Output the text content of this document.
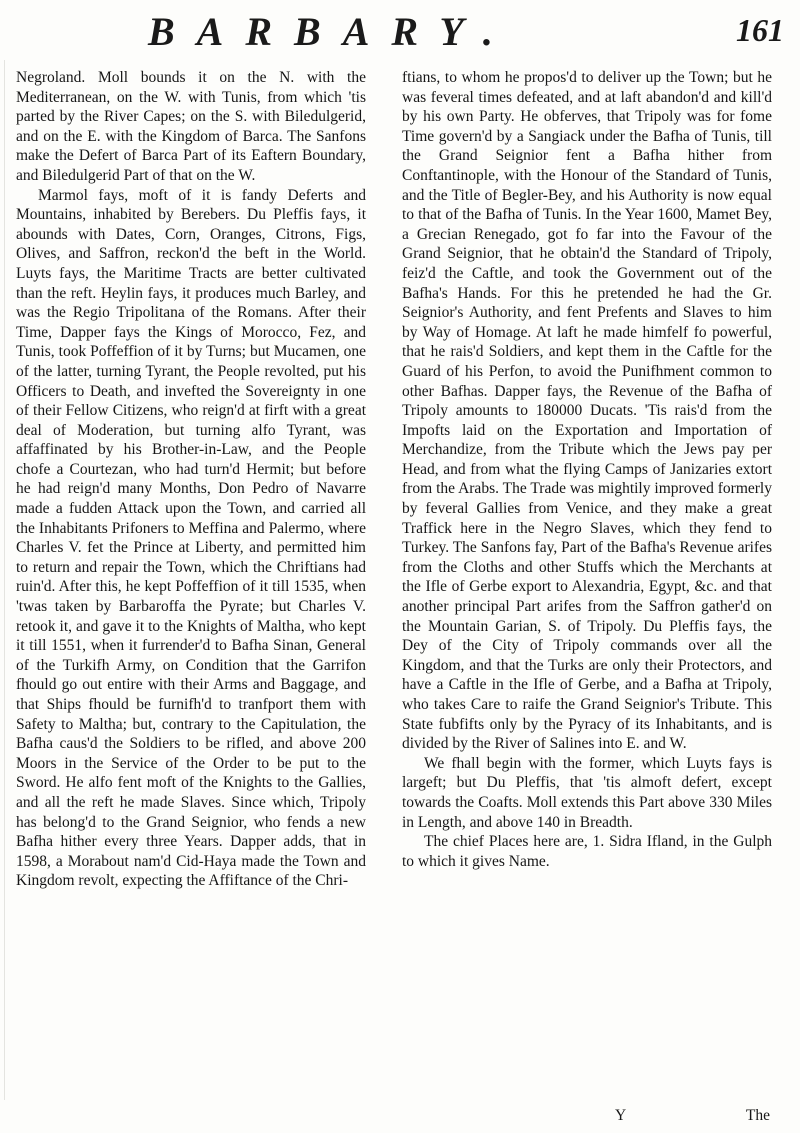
BARBARY.	161

Negroland. Moll bounds it on the N. with the Mediterranean, on the W. with Tunis, from which 'tis parted by the River Capes; on the S. with Biledulgerid, and on the E. with the Kingdom of Barca. The Sanfons make the Defert of Barca Part of its Eaftern Boundary, and Biledulgerid Part of that on the W.

Marmol fays, moft of it is fandy Deferts and Mountains, inhabited by Berebers. Du Pleffis fays, it abounds with Dates, Corn, Oranges, Citrons, Figs, Olives, and Saffron, reckon'd the beft in the World. Luyts fays, the Maritime Tracts are better cultivated than the reft. Heylin fays, it produces much Barley, and was the Regio Tripolitana of the Romans. After their Time, Dapper fays the Kings of Morocco, Fez, and Tunis, took Poffeffion of it by Turns; but Mucamen, one of the latter, turning Tyrant, the People revolted, put his Officers to Death, and invefted the Sovereignty in one of their Fellow Citizens, who reign'd at firft with a great deal of Moderation, but turning alfo Tyrant, was affaffinated by his Brother-in-Law, and the People chofe a Courtezan, who had turn'd Hermit; but before he had reign'd many Months, Don Pedro of Navarre made a fudden Attack upon the Town, and carried all the Inhabitants Prifoners to Meffina and Palermo, where Charles V. fet the Prince at Liberty, and permitted him to return and repair the Town, which the Chriftians had ruin'd. After this, he kept Poffeffion of it till 1535, when 'twas taken by Barbaroffa the Pyrate; but Charles V. retook it, and gave it to the Knights of Maltha, who kept it till 1551, when it furrender'd to Bafha Sinan, General of the Turkifh Army, on Condition that the Garrifon fhould go out entire with their Arms and Baggage, and that Ships fhould be furnifh'd to tranfport them with Safety to Maltha; but, contrary to the Capitulation, the Bafha caus'd the Soldiers to be rifled, and above 200 Moors in the Service of the Order to be put to the Sword. He alfo fent moft of the Knights to the Gallies, and all the reft he made Slaves. Since which, Tripoly has belong'd to the Grand Seignior, who fends a new Bafha hither every three Years. Dapper adds, that in 1598, a Morabout nam'd Cid-Haya made the Town and Kingdom revolt, expecting the Affiftance of the Chri-

ftians, to whom he propos'd to deliver up the Town; but he was feveral times defeated, and at laft abandon'd and kill'd by his own Party. He obferves, that Tripoly was for fome Time govern'd by a Sangiack under the Bafha of Tunis, till the Grand Seignior fent a Bafha hither from Conftantinople, with the Honour of the Standard of Tunis, and the Title of Begler-Bey, and his Authority is now equal to that of the Bafha of Tunis. In the Year 1600, Mamet Bey, a Grecian Renegado, got fo far into the Favour of the Grand Seignior, that he obtain'd the Standard of Tripoly, feiz'd the Caftle, and took the Government out of the Bafha's Hands. For this he pretended he had the Gr. Seignior's Authority, and fent Prefents and Slaves to him by Way of Homage. At laft he made himfelf fo powerful, that he rais'd Soldiers, and kept them in the Caftle for the Guard of his Perfon, to avoid the Punifhment common to other Bafhas. Dapper fays, the Revenue of the Bafha of Tripoly amounts to 180000 Ducats. 'Tis rais'd from the Impofts laid on the Exportation and Importation of Merchandize, from the Tribute which the Jews pay per Head, and from what the flying Camps of Janizaries extort from the Arabs. The Trade was mightily improved formerly by feveral Gallies from Venice, and they make a great Traffick here in the Negro Slaves, which they fend to Turkey. The Sanfons fay, Part of the Bafha's Revenue arifes from the Cloths and other Stuffs which the Merchants at the Ifle of Gerbe export to Alexandria, Egypt, &c. and that another principal Part arifes from the Saffron gather'd on the Mountain Garian, S. of Tripoly. Du Pleffis fays, the Dey of the City of Tripoly commands over all the Kingdom, and that the Turks are only their Protectors, and have a Caftle in the Ifle of Gerbe, and a Bafha at Tripoly, who takes Care to raife the Grand Seignior's Tribute. This State fubfifts only by the Pyracy of its Inhabitants, and is divided by the River of Salines into E. and W.

We fhall begin with the former, which Luyts fays is largeft; but Du Pleffis, that 'tis almoft defert, except towards the Coafts. Moll extends this Part above 330 Miles in Length, and above 140 in Breadth.

The chief Places here are, 1. Sidra Ifland, in the Gulph to which it gives Name.

Y	The
